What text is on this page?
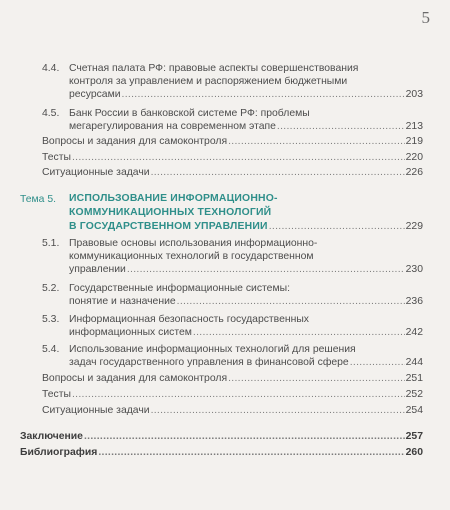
5
4.4. Счетная палата РФ: правовые аспекты совершенствования
контроля за управлением и распоряжением бюджетными
ресурсами .....	203
4.5. Банк России в банковской системе РФ: проблемы
мегарегулирования на современном этапе .....	213
Вопросы и задания для самоконтроля .....	219
Тесты .....	220
Ситуационные задачи .....	226
Тема 5. ИСПОЛЬЗОВАНИЕ ИНФОРМАЦИОННО-
КОММУНИКАЦИОННЫХ ТЕХНОЛОГИЙ
В ГОСУДАРСТВЕННОМ УПРАВЛЕНИИ .....	229
5.1. Правовые основы использования информационно-
коммуникационных технологий в государственном
управлении .....	230
5.2. Государственные информационные системы:
понятие и назначение .....	236
5.3. Информационная безопасность государственных
информационных систем .....	242
5.4. Использование информационных технологий для решения
задач государственного управления в финансовой сфере .....	244
Вопросы и задания для самоконтроля .....	251
Тесты .....	252
Ситуационные задачи .....	254
Заключение .....	257
Библиография .....	260
